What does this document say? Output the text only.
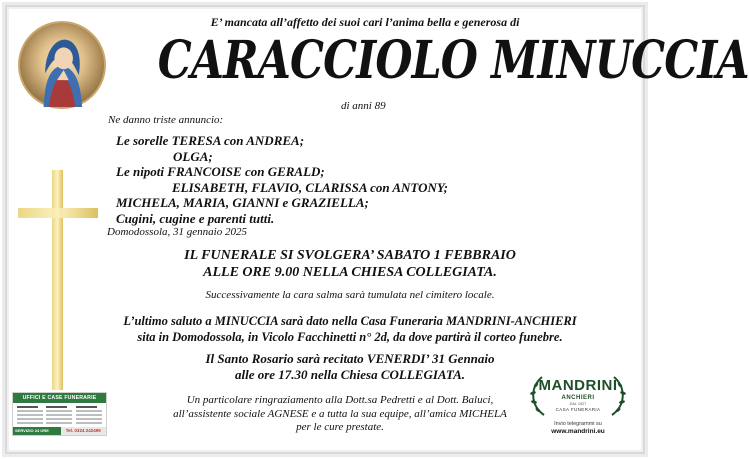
E’ mancata all’affetto dei suoi cari l’anima bella e generosa di
CARACCIOLO MINUCCIA
di anni 89
Ne danno triste annuncio:
Le sorelle TERESA con ANDREA;
OLGA;
Le nipoti FRANCOISE con GERALD;
ELISABETH, FLAVIO, CLARISSA con ANTONY;
MICHELA, MARIA, GIANNI e GRAZIELLA;
Cugini, cugine e parenti tutti.
Domodossola, 31 gennaio 2025
IL FUNERALE SI SVOLGERA’ SABATO 1 FEBBRAIO
ALLE ORE 9.00 NELLA CHIESA COLLEGIATA.
Successivamente la cara salma sarà tumulata nel cimitero locale.
L’ultimo saluto a MINUCCIA sarà dato nella Casa Funeraria MANDRINI-ANCHIERI
sita in Domodossola, in Vicolo Facchinetti n° 2d, da dove partirà il corteo funebre.
Il Santo Rosario sarà recitato VENERDI’ 31 Gennaio
alle ore 17.30 nella Chiesa COLLEGIATA.
Un particolare ringraziamento alla Dott.sa Pedretti e al Dott. Baluci,
all’assistente sociale AGNESE e a tutta la sua equipe, all’amica MICHELA
per le cure prestate.
UFFICI E CASE FUNERARIE
SERVIZIO 24 ORE	Tel. 0324 242499
MANDRINI
ANCHIERI
DAL 1927
CASA FUNERARIA
Invio telegrammi su
www.mandrini.eu
